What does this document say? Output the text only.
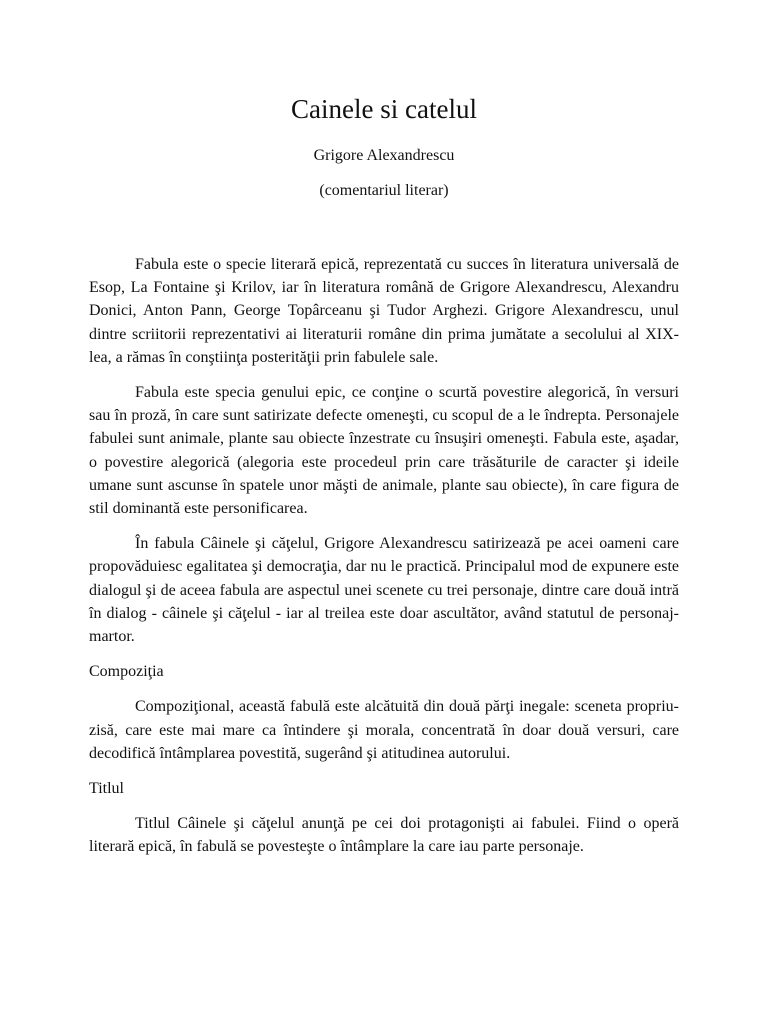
Cainele si catelul
Grigore Alexandrescu
(comentariul literar)

Fabula este o specie literară epică, reprezentată cu succes în literatura universală de Esop, La Fontaine şi Krilov, iar în literatura română de Grigore Alexandrescu, Alexandru Donici, Anton Pann, George Topârceanu şi Tudor Arghezi. Grigore Alexandrescu, unul dintre scriitorii reprezentativi ai literaturii române din prima jumătate a secolului al XIX-lea, a rămas în conştiinţa posterităţii prin fabulele sale.

Fabula este specia genului epic, ce conţine o scurtă povestire alegorică, în versuri sau în proză, în care sunt satirizate defecte omeneşti, cu scopul de a le îndrepta. Personajele fabulei sunt animale, plante sau obiecte înzestrate cu însuşiri omeneşti. Fabula este, aşadar, o povestire alegorică (alegoria este procedeul prin care trăsăturile de caracter şi ideile umane sunt ascunse în spatele unor măşti de animale, plante sau obiecte), în care figura de stil dominantă este personificarea.

În fabula Câinele şi căţelul, Grigore Alexandrescu satirizează pe acei oameni care propovăduiesc egalitatea şi democraţia, dar nu le practică. Principalul mod de expunere este dialogul şi de aceea fabula are aspectul unei scenete cu trei personaje, dintre care două intră în dialog - câinele şi căţelul - iar al treilea este doar ascultător, având statutul de personaj-martor.

Compoziţia

Compoziţional, această fabulă este alcătuită din două părţi inegale: sceneta propriu-zisă, care este mai mare ca întindere şi morala, concentrată în doar două versuri, care decodifică întâmplarea povestită, sugerând şi atitudinea autorului.

Titlul

Titlul Câinele şi căţelul anunţă pe cei doi protagonişti ai fabulei. Fiind o operă literară epică, în fabulă se povesteşte o întâmplare la care iau parte personaje.
